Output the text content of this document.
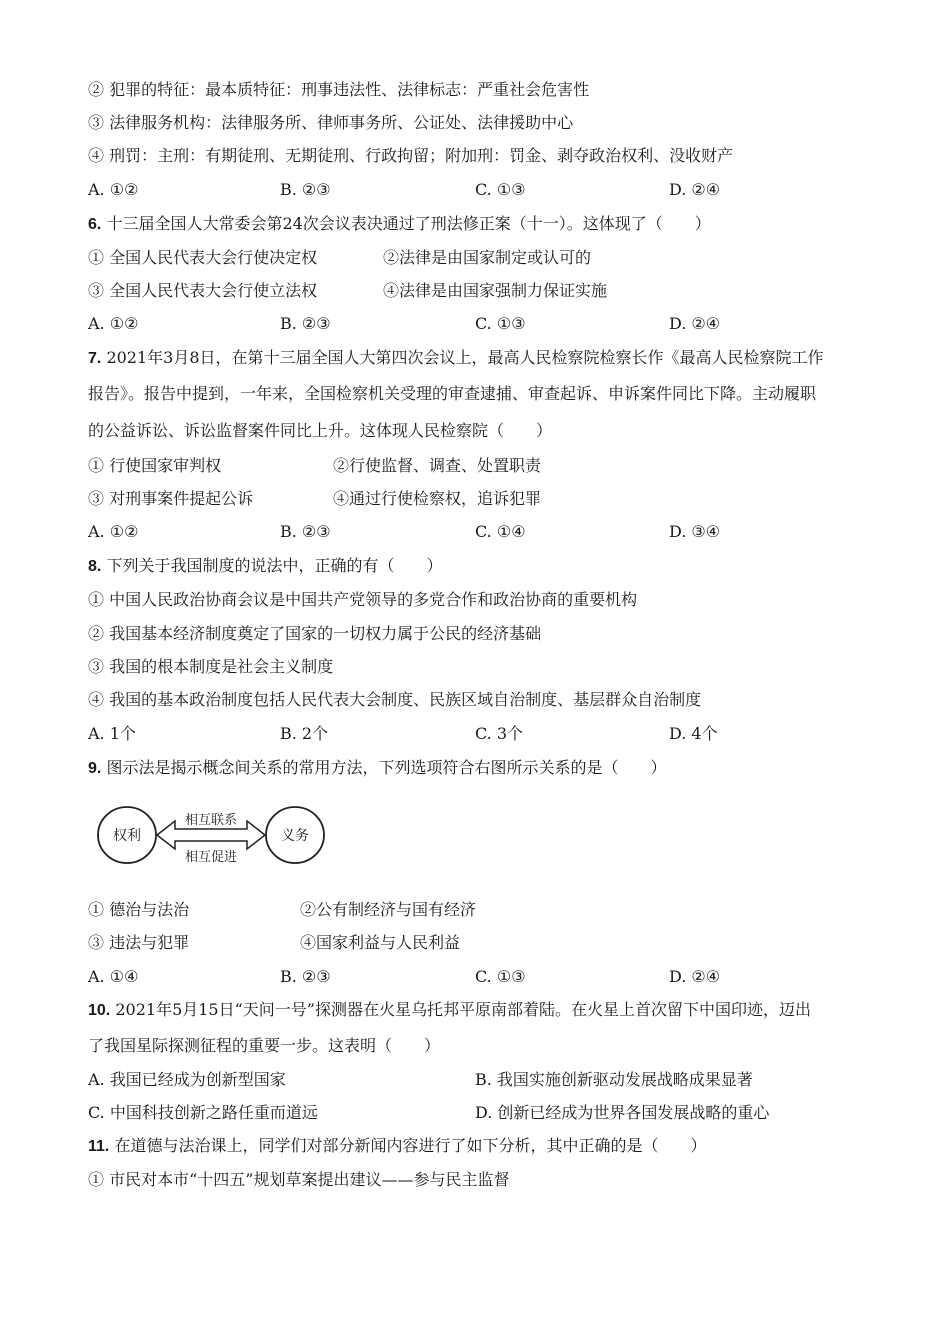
② 犯罪的特征：最本质特征：刑事违法性、法律标志：严重社会危害性
③ 法律服务机构：法律服务所、律师事务所、公证处、法律援助中心
④ 刑罚：主刑：有期徒刑、无期徒刑、行政拘留；附加刑：罚金、剥夺政治权利、没收财产
A. ①②	B. ②③	C. ①③	D. ②④
6. 十三届全国人大常委会第24次会议表决通过了刑法修正案（十一）。这体现了（　　）
① 全国人民代表大会行使决定权	②法律是由国家制定或认可的
③ 全国人民代表大会行使立法权	④法律是由国家强制力保证实施
A. ①②	B. ②③	C. ①③	D. ②④
7. 2021年3月8日，在第十三届全国人大第四次会议上，最高人民检察院检察长作《最高人民检察院工作
报告》。报告中提到，一年来，全国检察机关受理的审查逮捕、审查起诉、申诉案件同比下降。主动履职
的公益诉讼、诉讼监督案件同比上升。这体现人民检察院（　　）
① 行使国家审判权	②行使监督、调查、处置职责
③ 对刑事案件提起公诉	④通过行使检察权，追诉犯罪
A. ①②	B. ②③	C. ①④	D. ③④
8. 下列关于我国制度的说法中，正确的有（　　）
① 中国人民政治协商会议是中国共产党领导的多党合作和政治协商的重要机构
② 我国基本经济制度奠定了国家的一切权力属于公民的经济基础
③ 我国的根本制度是社会主义制度
④ 我国的基本政治制度包括人民代表大会制度、民族区域自治制度、基层群众自治制度
A. 1个	B. 2个	C. 3个	D. 4个
9. 图示法是揭示概念间关系的常用方法，下列选项符合右图所示关系的是（　　）
权利	义务
相互联系
相互促进
① 德治与法治	②公有制经济与国有经济
③ 违法与犯罪	④国家利益与人民利益
A. ①④	B. ②③	C. ①③	D. ②④
10. 2021年5月15日“天问一号”探测器在火星乌托邦平原南部着陆。在火星上首次留下中国印迹，迈出
了我国星际探测征程的重要一步。这表明（　　）
A. 我国已经成为创新型国家	B. 我国实施创新驱动发展战略成果显著
C. 中国科技创新之路任重而道远	D. 创新已经成为世界各国发展战略的重心
11. 在道德与法治课上，同学们对部分新闻内容进行了如下分析，其中正确的是（　　）
① 市民对本市“十四五”规划草案提出建议——参与民主监督
